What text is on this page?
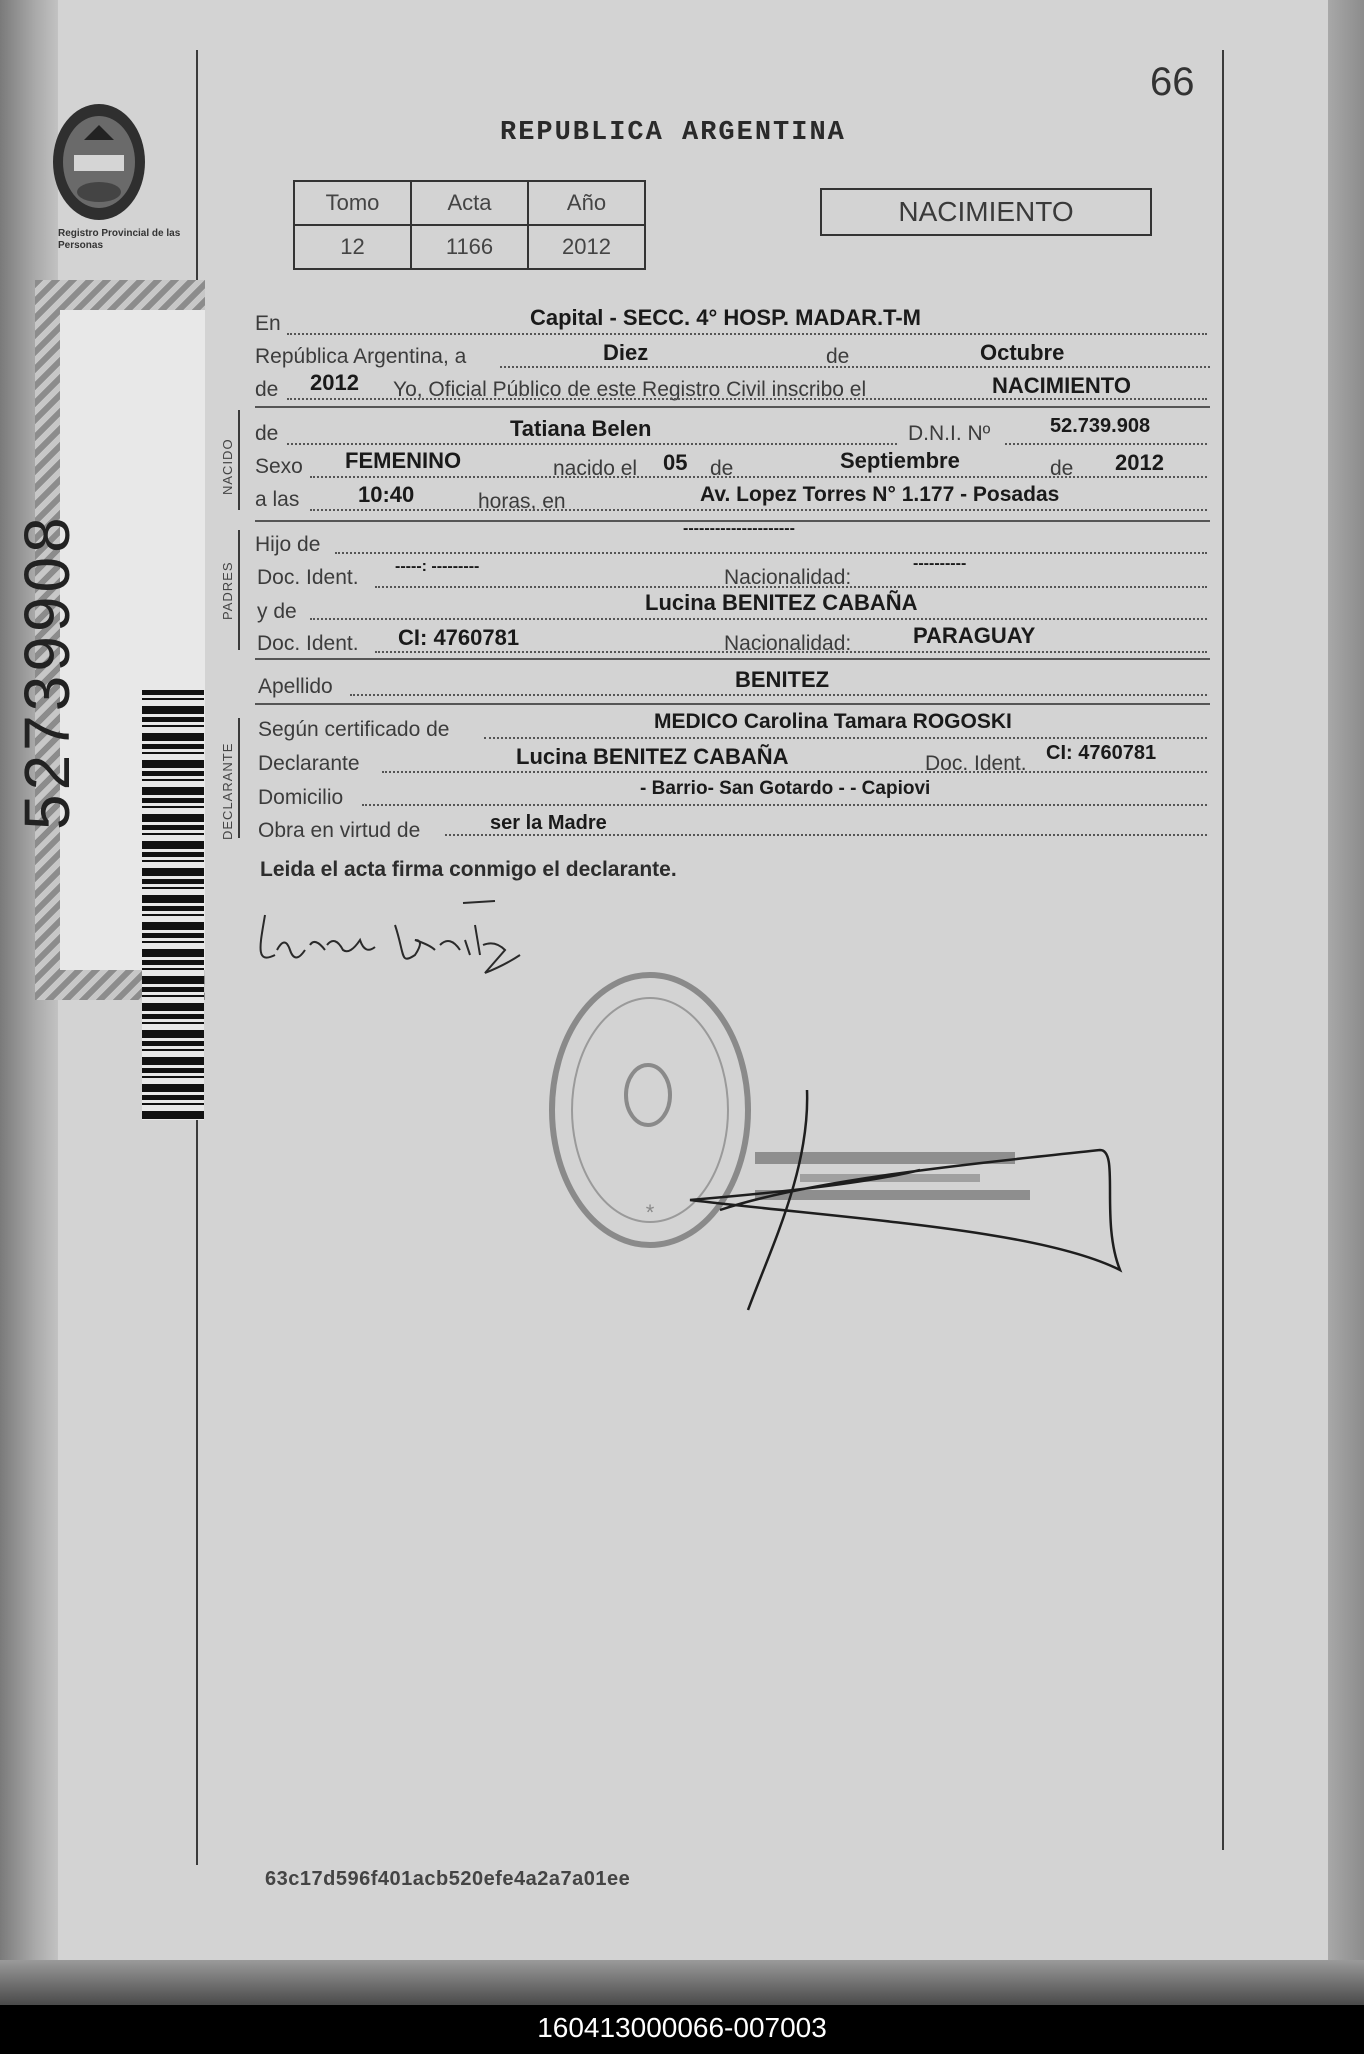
Registro Provincial de las Personas
52739908
66
REPUBLICA ARGENTINA
Tomo	Acta	Año
12	1166	2012
NACIMIENTO
En	Capital - SECC. 4° HOSP. MADAR.T-M
República Argentina, a	Diez	de	Octubre
de 2012 Yo, Oficial Público de este Registro Civil inscribo el	NACIMIENTO
NACIDO
de	Tatiana Belen	D.N.I. Nº	52.739.908
Sexo FEMENINO	nacido el 05 de	Septiembre	de 2012
a las	10:40	horas, en	Av. Lopez Torres N° 1.177 - Posadas
PADRES
Hijo de
---------------------
Doc. Ident. -----: ---------	Nacionalidad:
----------
y de	Lucina BENITEZ CABAÑA
Doc. Ident. CI: 4760781	Nacionalidad:	PARAGUAY
Apellido	BENITEZ
DECLARANTE
Según certificado de	MEDICO Carolina Tamara ROGOSKI
Declarante	Lucina BENITEZ CABAÑA	Doc. Ident. CI: 4760781
Domicilio	- Barrio- San Gotardo - - Capiovi
Obra en virtud de	ser la Madre
Leida el acta firma conmigo el declarante.
*
63c17d596f401acb520efe4a2a7a01ee
160413000066-007003
